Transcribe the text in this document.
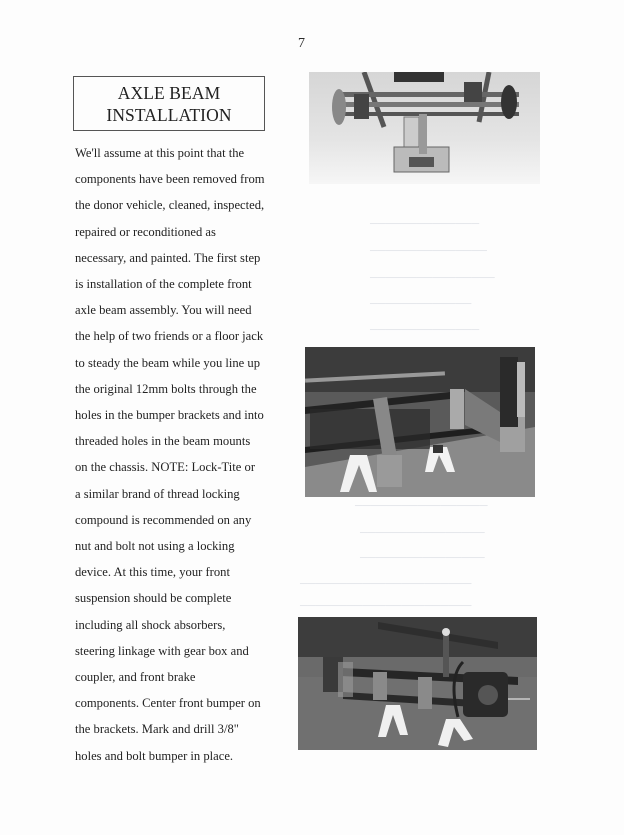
7
AXLE BEAM
INSTALLATION
We'll assume at this point that the
components have been removed from
the donor vehicle, cleaned, inspected,
repaired or reconditioned as
necessary, and painted. The first step
is installation of the complete front
axle beam assembly. You will need
the help of two friends or a floor jack
to steady the beam while you line up
the original 12mm bolts through the
holes in the bumper brackets and into
threaded holes in the beam mounts
on the chassis. NOTE: Lock-Tite or
a similar brand of thread locking
compound is recommended on any
nut and bolt not using a locking
device. At this time, your front
suspension should be complete
including all shock absorbers,
steering linkage with gear box and
coupler, and front brake
components. Center front bumper on
the brackets. Mark and drill 3/8"
holes and bolt bumper in place.
──────────────
───────────────
────────────────
─────────────
──────────────
─────────────────
────────────────
────────────────
──────────────────────
──────────────────────
